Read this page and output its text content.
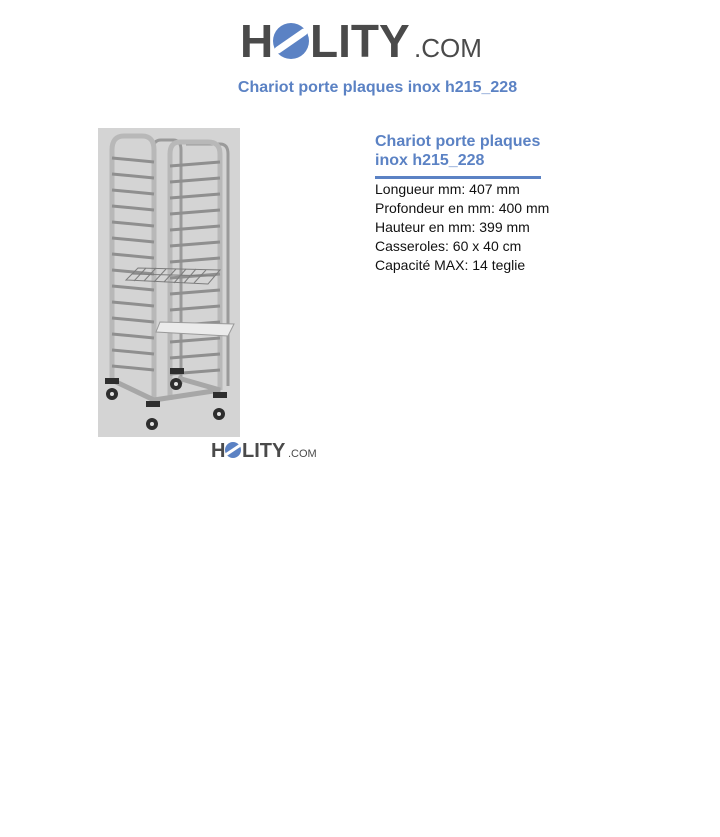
H LITY .COM
Chariot porte plaques inox h215_228
H LITY .COM
Chariot porte plaques
inox h215_228
Longueur mm: 407 mm
Profondeur en mm: 400 mm
Hauteur en mm: 399 mm
Casseroles: 60 x 40 cm
Capacité MAX: 14 teglie
